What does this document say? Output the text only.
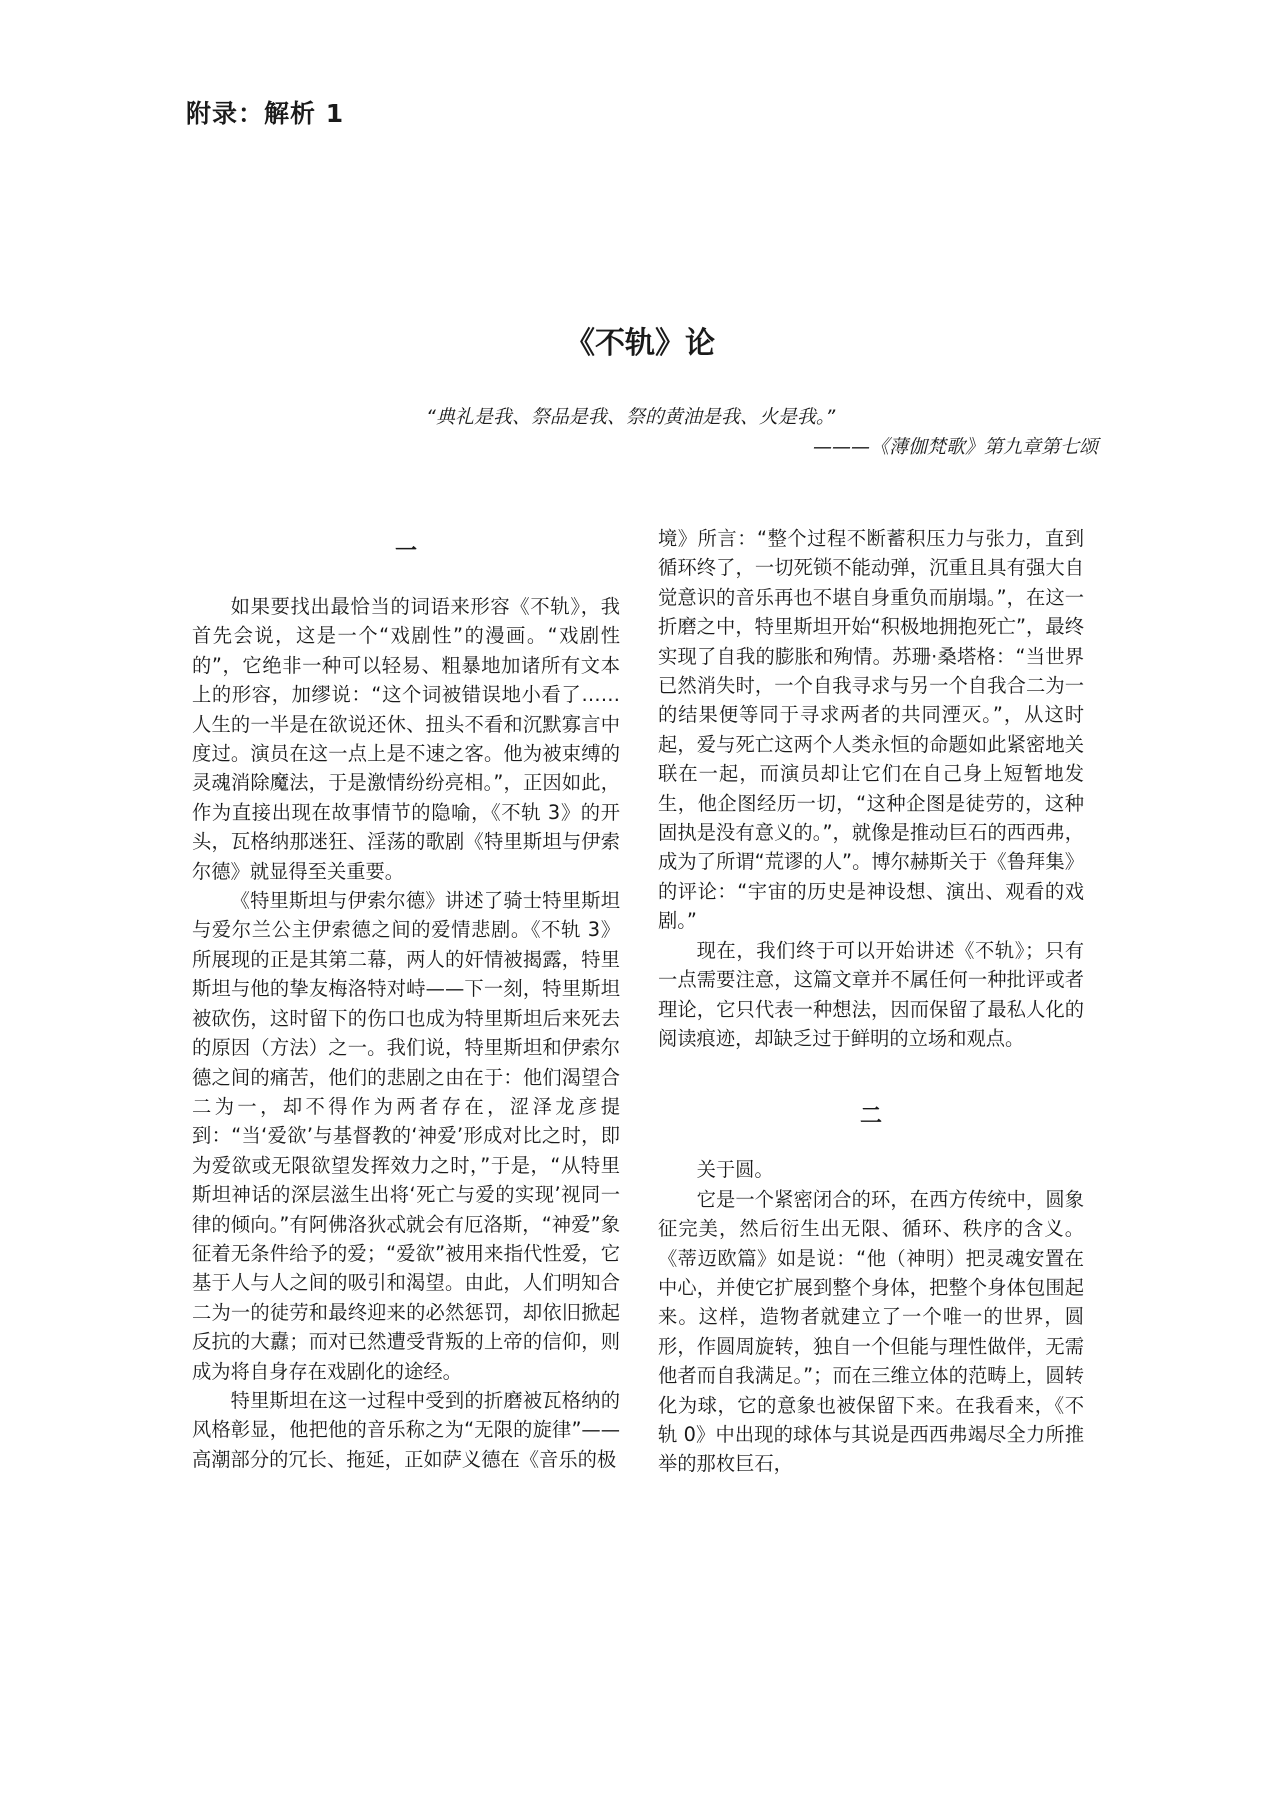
附录：解析 1
《不轨》论
“典礼是我、祭品是我、祭的黄油是我、火是我。”
———《薄伽梵歌》第九章第七颂
一

如果要找出最恰当的词语来形容《不轨》，我首先会说，这是一个“戏剧性”的漫画。“戏剧性的”，它绝非一种可以轻易、粗暴地加诸所有文本上的形容，加缪说：“这个词被错误地小看了……人生的一半是在欲说还休、扭头不看和沉默寡言中度过。演员在这一点上是不速之客。他为被束缚的灵魂消除魔法，于是激情纷纷亮相。”，正因如此，作为直接出现在故事情节的隐喻，《不轨 3》的开头，瓦格纳那迷狂、淫荡的歌剧《特里斯坦与伊索尔德》就显得至关重要。

《特里斯坦与伊索尔德》讲述了骑士特里斯坦与爱尔兰公主伊索德之间的爱情悲剧。《不轨 3》所展现的正是其第二幕，两人的奸情被揭露，特里斯坦与他的挚友梅洛特对峙——下一刻，特里斯坦被砍伤，这时留下的伤口也成为特里斯坦后来死去的原因（方法）之一。我们说，特里斯坦和伊索尔德之间的痛苦，他们的悲剧之由在于：他们渴望合二为一，却不得作为两者存在，涩泽龙彦提到：“当‘爱欲’与基督教的‘神爱’形成对比之时，即为爱欲或无限欲望发挥效力之时，”于是，“从特里斯坦神话的深层滋生出将‘死亡与爱的实现’视同一律的倾向。”有阿佛洛狄忒就会有厄洛斯，“神爱”象征着无条件给予的爱；“爱欲”被用来指代性爱，它基于人与人之间的吸引和渴望。由此，人们明知合二为一的徒劳和最终迎来的必然惩罚，却依旧掀起反抗的大纛；而对已然遭受背叛的上帝的信仰，则成为将自身存在戏剧化的途经。

特里斯坦在这一过程中受到的折磨被瓦格纳的风格彰显，他把他的音乐称之为“无限的旋律”——高潮部分的冗长、拖延，正如萨义德在《音乐的极

境》所言：“整个过程不断蓄积压力与张力，直到循环终了，一切死锁不能动弹，沉重且具有强大自觉意识的音乐再也不堪自身重负而崩塌。”，在这一折磨之中，特里斯坦开始“积极地拥抱死亡”，最终实现了自我的膨胀和殉情。苏珊·桑塔格：“当世界已然消失时，一个自我寻求与另一个自我合二为一的结果便等同于寻求两者的共同湮灭。”，从这时起，爱与死亡这两个人类永恒的命题如此紧密地关联在一起，而演员却让它们在自己身上短暂地发生，他企图经历一切，“这种企图是徒劳的，这种固执是没有意义的。”，就像是推动巨石的西西弗，成为了所谓“荒谬的人”。博尔赫斯关于《鲁拜集》的评论：“宇宙的历史是神设想、演出、观看的戏剧。”

现在，我们终于可以开始讲述《不轨》；只有一点需要注意，这篇文章并不属任何一种批评或者理论，它只代表一种想法，因而保留了最私人化的阅读痕迹，却缺乏过于鲜明的立场和观点。

二

关于圆。

它是一个紧密闭合的环，在西方传统中，圆象征完美，然后衍生出无限、循环、秩序的含义。《蒂迈欧篇》如是说：“他（神明）把灵魂安置在中心，并使它扩展到整个身体，把整个身体包围起来。这样，造物者就建立了一个唯一的世界，圆形，作圆周旋转，独自一个但能与理性做伴，无需他者而自我满足。”；而在三维立体的范畴上，圆转化为球，它的意象也被保留下来。在我看来，《不轨 0》中出现的球体与其说是西西弗竭尽全力所推举的那枚巨石，
